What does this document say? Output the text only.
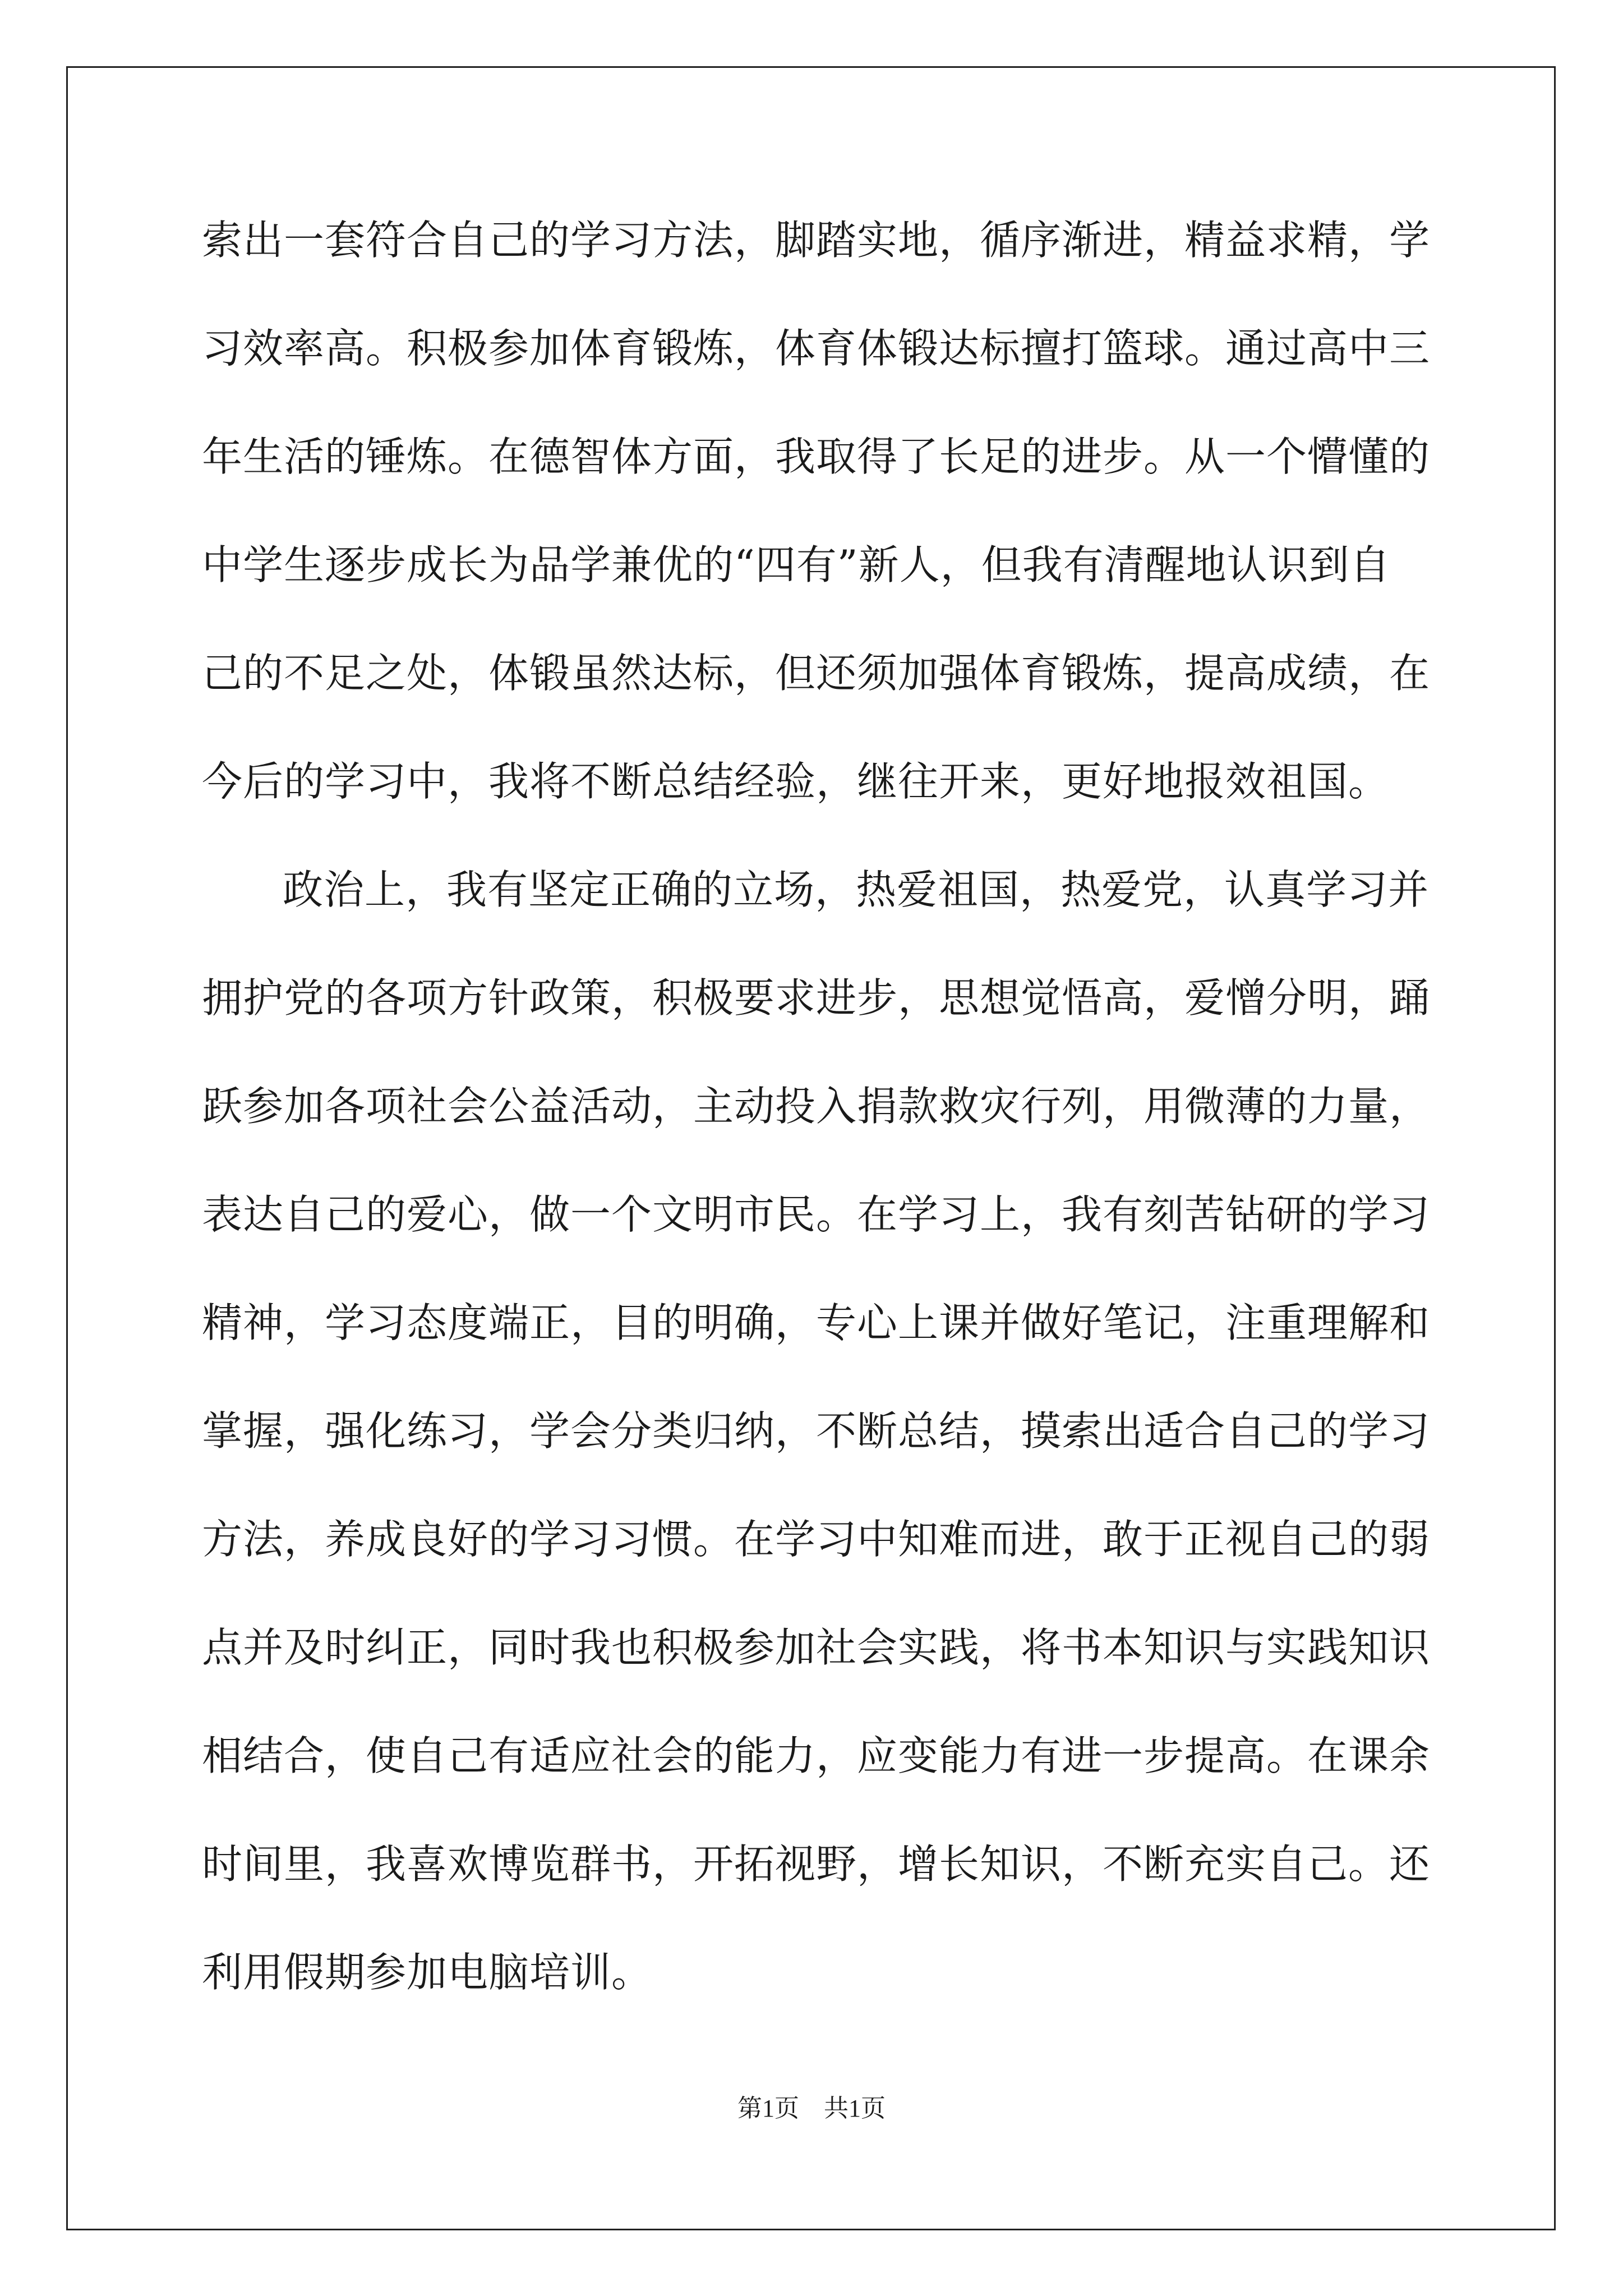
索出一套符合自己的学习方法，脚踏实地，循序渐进，精益求精，学
习效率高。积极参加体育锻炼，体育体锻达标擅打篮球。通过高中三
年生活的锤炼。在德智体方面，我取得了长足的进步。从一个懵懂的
中学生逐步成长为品学兼优的“四有”新人，但我有清醒地认识到自
己的不足之处，体锻虽然达标，但还须加强体育锻炼，提高成绩，在
今后的学习中，我将不断总结经验，继往开来，更好地报效祖国。
政治上，我有坚定正确的立场，热爱祖国，热爱党，认真学习并
拥护党的各项方针政策，积极要求进步，思想觉悟高，爱憎分明，踊
跃参加各项社会公益活动，主动投入捐款救灾行列，用微薄的力量，
表达自己的爱心，做一个文明市民。在学习上，我有刻苦钻研的学习
精神，学习态度端正，目的明确，专心上课并做好笔记，注重理解和
掌握，强化练习，学会分类归纳，不断总结，摸索出适合自己的学习
方法，养成良好的学习习惯。在学习中知难而进，敢于正视自己的弱
点并及时纠正，同时我也积极参加社会实践，将书本知识与实践知识
相结合，使自己有适应社会的能力，应变能力有进一步提高。在课余
时间里，我喜欢博览群书，开拓视野，增长知识，不断充实自己。还
利用假期参加电脑培训。
第1页　共1页
